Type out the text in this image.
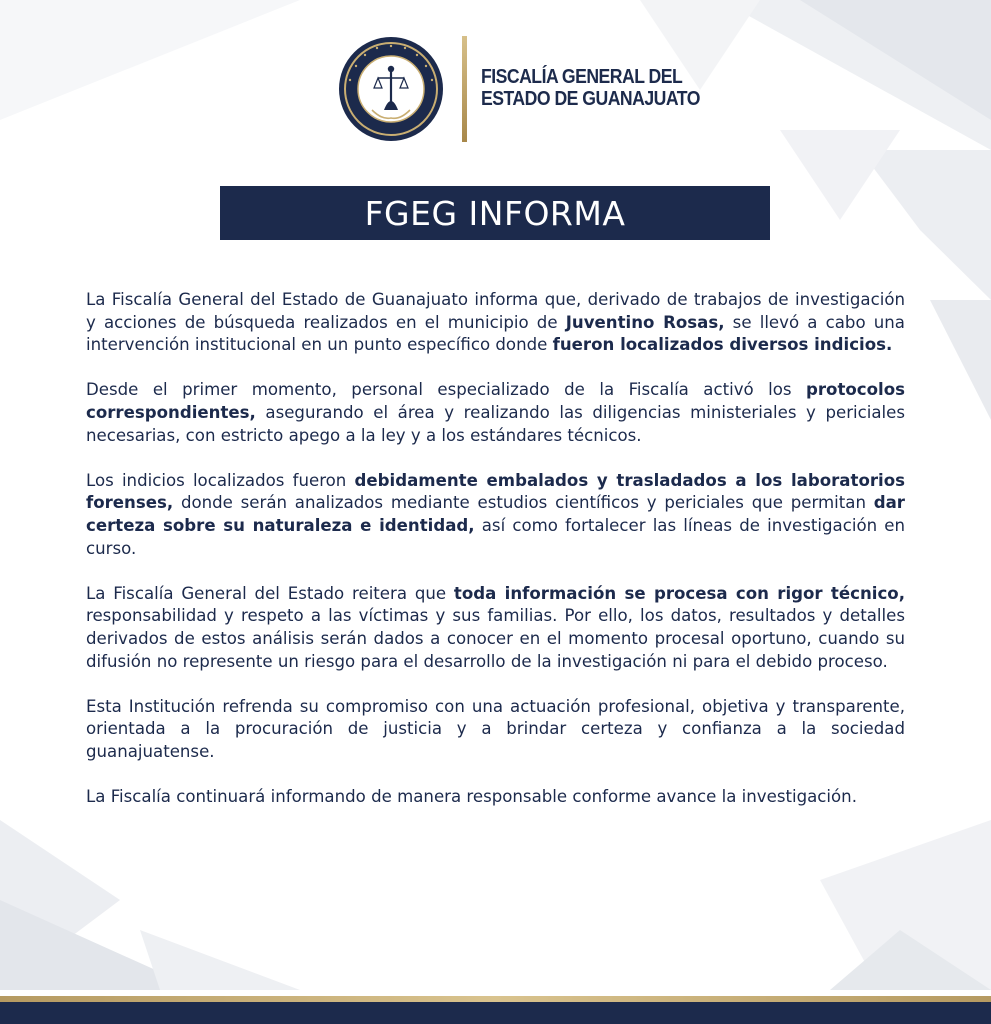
FISCALÍA GENERAL DEL
ESTADO DE GUANAJUATO
FGEG INFORMA

La Fiscalía General del Estado de Guanajuato informa que, derivado de trabajos de investigación y acciones de búsqueda realizados en el municipio de Juventino Rosas, se llevó a cabo una intervención institucional en un punto específico donde fueron localizados diversos indicios.

Desde el primer momento, personal especializado de la Fiscalía activó los protocolos correspondientes, asegurando el área y realizando las diligencias ministeriales y periciales necesarias, con estricto apego a la ley y a los estándares técnicos.

Los indicios localizados fueron debidamente embalados y trasladados a los laboratorios forenses, donde serán analizados mediante estudios científicos y periciales que permitan dar certeza sobre su naturaleza e identidad, así como fortalecer las líneas de investigación en curso.

La Fiscalía General del Estado reitera que toda información se procesa con rigor técnico, responsabilidad y respeto a las víctimas y sus familias. Por ello, los datos, resultados y detalles derivados de estos análisis serán dados a conocer en el momento procesal oportuno, cuando su difusión no represente un riesgo para el desarrollo de la investigación ni para el debido proceso.

Esta Institución refrenda su compromiso con una actuación profesional, objetiva y transparente, orientada a la procuración de justicia y a brindar certeza y confianza a la sociedad guanajuatense.

La Fiscalía continuará informando de manera responsable conforme avance la investigación.
